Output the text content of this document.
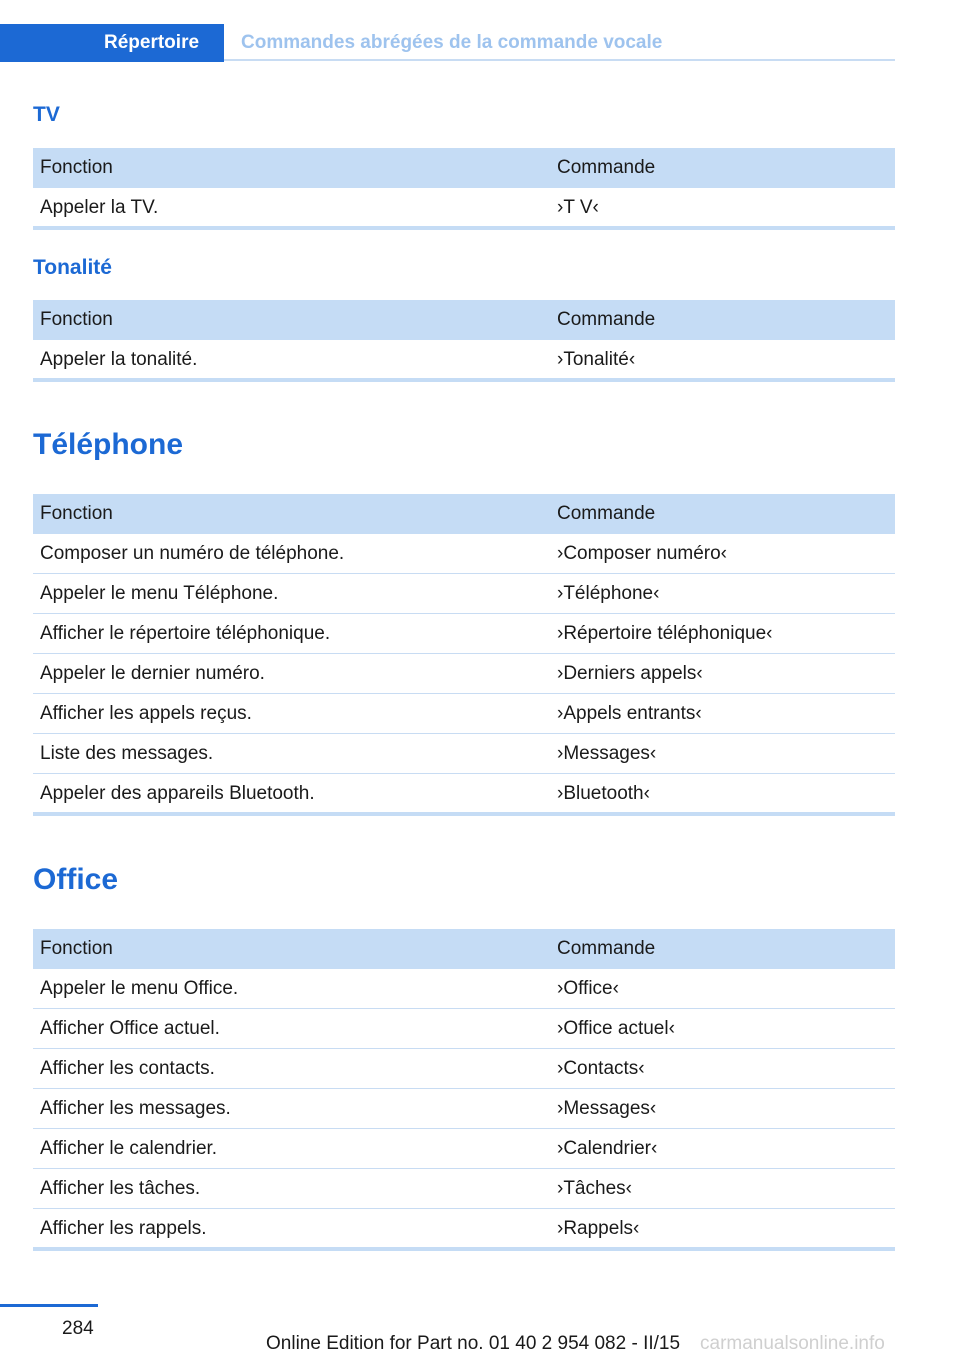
Répertoire	Commandes abrégées de la commande vocale
TV
Fonction	Commande
Appeler la TV.	›T V‹
Tonalité
Fonction	Commande
Appeler la tonalité.	›Tonalité‹
Téléphone
Fonction	Commande
Composer un numéro de téléphone.	›Composer numéro‹
Appeler le menu Téléphone.	›Téléphone‹
Afficher le répertoire téléphonique.	›Répertoire téléphonique‹
Appeler le dernier numéro.	›Derniers appels‹
Afficher les appels reçus.	›Appels entrants‹
Liste des messages.	›Messages‹
Appeler des appareils Bluetooth.	›Bluetooth‹
Office
Fonction	Commande
Appeler le menu Office.	›Office‹
Afficher Office actuel.	›Office actuel‹
Afficher les contacts.	›Contacts‹
Afficher les messages.	›Messages‹
Afficher le calendrier.	›Calendrier‹
Afficher les tâches.	›Tâches‹
Afficher les rappels.	›Rappels‹
284
Online Edition for Part no. 01 40 2 954 082 - II/15 carmanualsonline.info
